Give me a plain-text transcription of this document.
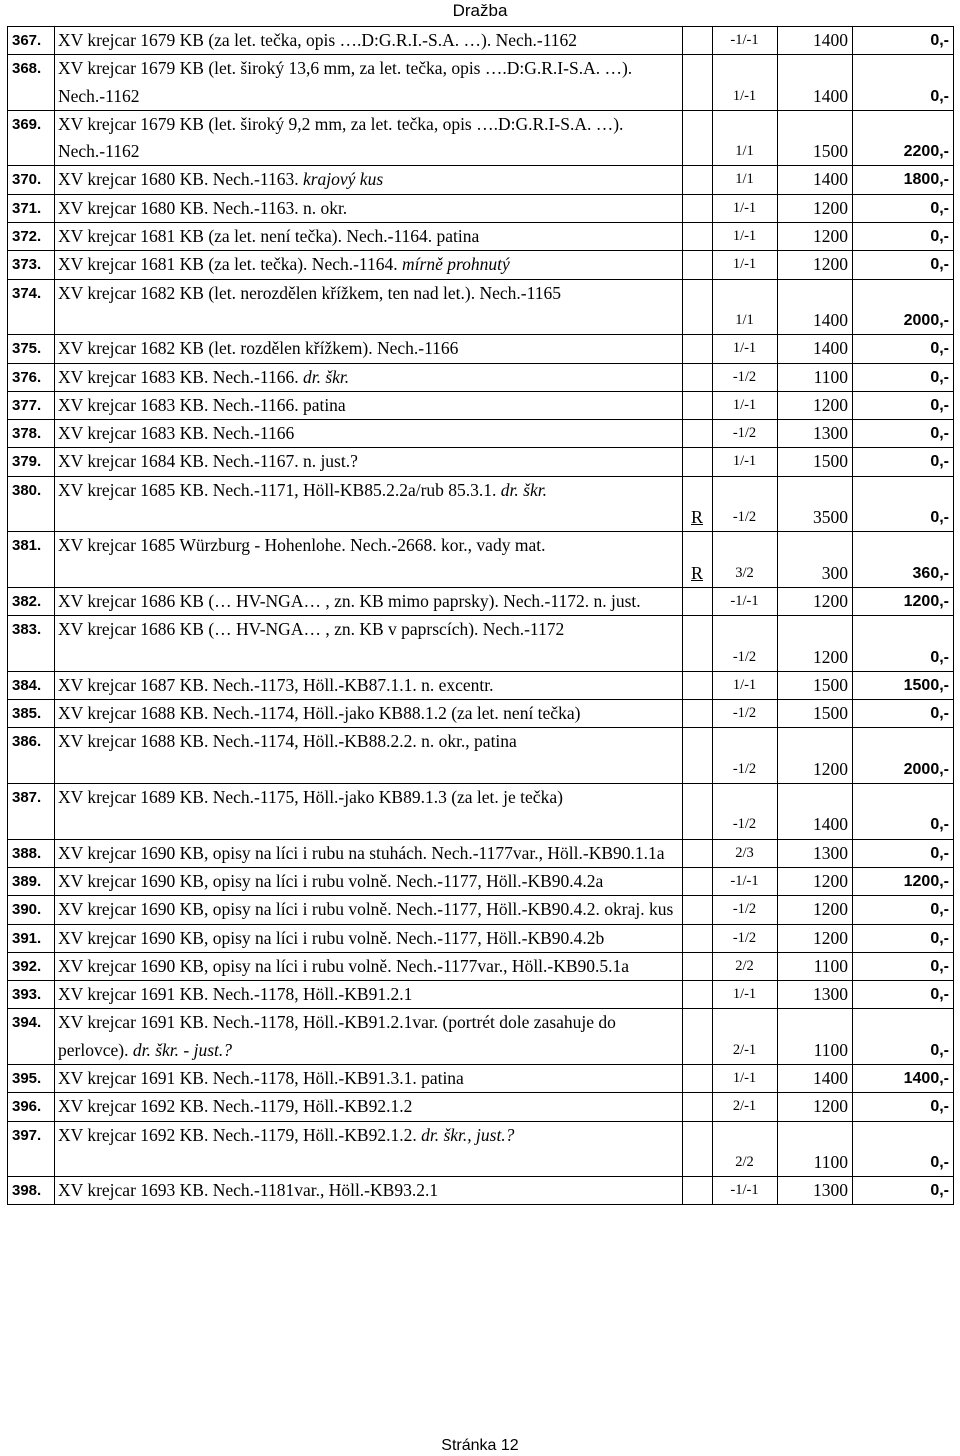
Dražba
367.	XV krejcar 1679 KB (za let. tečka, opis ….D:G.R.I.-S.A. …). Nech.-1162		-1/-1	1400	0,-
368.	XV krejcar 1679 KB (let. široký 13,6 mm, za let. tečka, opis ….D:G.R.I-S.A. …). Nech.-1162		1/-1	1400	0,-
369.	XV krejcar 1679 KB (let. široký 9,2 mm, za let. tečka, opis ….D:G.R.I-S.A. …). Nech.-1162		1/1	1500	2200,-
370.	XV krejcar 1680 KB. Nech.-1163. krajový kus		1/1	1400	1800,-
371.	XV krejcar 1680 KB. Nech.-1163. n. okr.		1/-1	1200	0,-
372.	XV krejcar 1681 KB (za let. není tečka). Nech.-1164. patina		1/-1	1200	0,-
373.	XV krejcar 1681 KB (za let. tečka). Nech.-1164. mírně prohnutý		1/-1	1200	0,-
374.	XV krejcar 1682 KB (let. nerozdělen křížkem, ten nad let.). Nech.-1165		1/1	1400	2000,-
375.	XV krejcar 1682 KB (let. rozdělen křížkem). Nech.-1166		1/-1	1400	0,-
376.	XV krejcar 1683 KB. Nech.-1166. dr. škr.		-1/2	1100	0,-
377.	XV krejcar 1683 KB. Nech.-1166. patina		1/-1	1200	0,-
378.	XV krejcar 1683 KB. Nech.-1166		-1/2	1300	0,-
379.	XV krejcar 1684 KB. Nech.-1167. n. just.?		1/-1	1500	0,-
380.	XV krejcar 1685 KB. Nech.-1171, Höll-KB85.2.2a/rub 85.3.1. dr. škr.	R	-1/2	3500	0,-
381.	XV krejcar 1685 Würzburg - Hohenlohe. Nech.-2668. kor., vady mat.	R	3/2	300	360,-
382.	XV krejcar 1686 KB (… HV-NGA… , zn. KB mimo paprsky). Nech.-1172. n. just.		-1/-1	1200	1200,-
383.	XV krejcar 1686 KB (… HV-NGA… , zn. KB v paprscích). Nech.-1172		-1/2	1200	0,-
384.	XV krejcar 1687 KB. Nech.-1173, Höll.-KB87.1.1. n. excentr.		1/-1	1500	1500,-
385.	XV krejcar 1688 KB. Nech.-1174, Höll.-jako KB88.1.2 (za let. není tečka)		-1/2	1500	0,-
386.	XV krejcar 1688 KB. Nech.-1174, Höll.-KB88.2.2. n. okr., patina		-1/2	1200	2000,-
387.	XV krejcar 1689 KB. Nech.-1175, Höll.-jako KB89.1.3 (za let. je tečka)		-1/2	1400	0,-
388.	XV krejcar 1690 KB, opisy na líci i rubu na stuhách. Nech.-1177var., Höll.-KB90.1.1a		2/3	1300	0,-
389.	XV krejcar 1690 KB, opisy na líci i rubu volně. Nech.-1177, Höll.-KB90.4.2a		-1/-1	1200	1200,-
390.	XV krejcar 1690 KB, opisy na líci i rubu volně. Nech.-1177, Höll.-KB90.4.2. okraj. kus		-1/2	1200	0,-
391.	XV krejcar 1690 KB, opisy na líci i rubu volně. Nech.-1177, Höll.-KB90.4.2b		-1/2	1200	0,-
392.	XV krejcar 1690 KB, opisy na líci i rubu volně. Nech.-1177var., Höll.-KB90.5.1a		2/2	1100	0,-
393.	XV krejcar 1691 KB. Nech.-1178, Höll.-KB91.2.1		1/-1	1300	0,-
394.	XV krejcar 1691 KB. Nech.-1178, Höll.-KB91.2.1var. (portrét dole zasahuje do perlovce). dr. škr. - just.?		2/-1	1100	0,-
395.	XV krejcar 1691 KB. Nech.-1178, Höll.-KB91.3.1. patina		1/-1	1400	1400,-
396.	XV krejcar 1692 KB. Nech.-1179, Höll.-KB92.1.2		2/-1	1200	0,-
397.	XV krejcar 1692 KB. Nech.-1179, Höll.-KB92.1.2. dr. škr., just.?		2/2	1100	0,-
398.	XV krejcar 1693 KB. Nech.-1181var., Höll.-KB93.2.1		-1/-1	1300	0,-
Stránka 12
